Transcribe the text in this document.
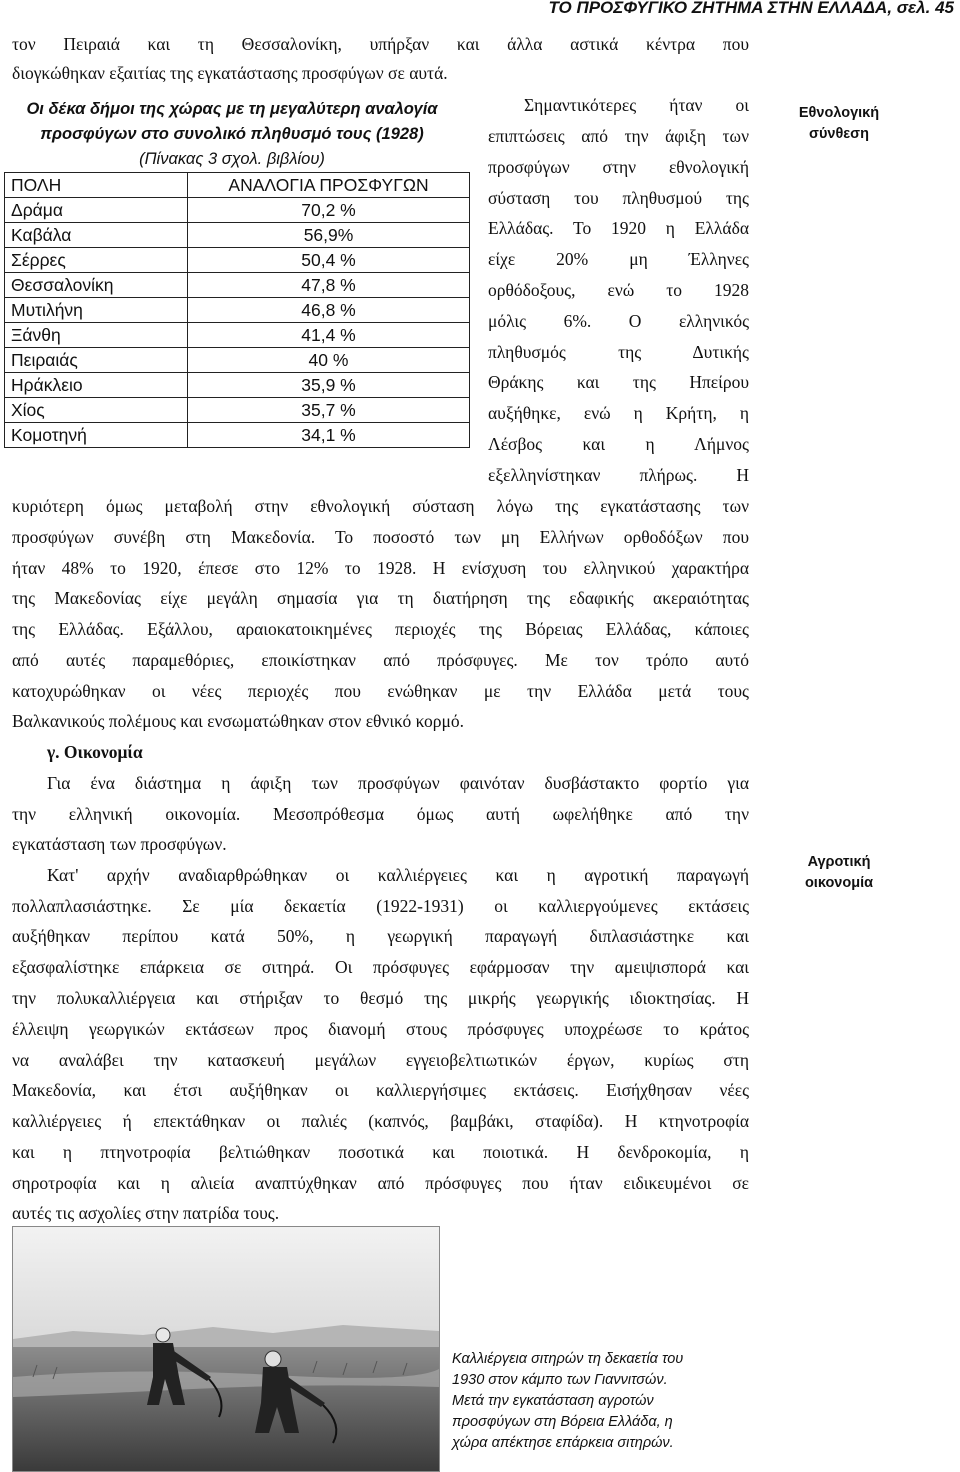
ΤΟ ΠΡΟΣΦΥΓΙΚΟ ΖΗΤΗΜΑ ΣΤΗΝ ΕΛΛΑΔΑ, σελ. 45
τον Πειραιά και τη Θεσσαλονίκη, υπήρξαν και άλλα αστικά κέντρα που
διογκώθηκαν εξαιτίας της εγκατάστασης προσφύγων σε αυτά.
Οι δέκα δήμοι της χώρας με τη μεγαλύτερη αναλογία
προσφύγων στο συνολικό πληθυσμό τους (1928)
(Πίνακας 3 σχολ. βιβλίου)
ΠΟΛΗ	ΑΝΑΛΟΓΙΑ ΠΡΟΣΦΥΓΩΝ
Δράμα	70,2 %
Καβάλα	56,9%
Σέρρες	50,4 %
Θεσσαλονίκη	47,8 %
Μυτιλήνη	46,8 %
Ξάνθη	41,4 %
Πειραιάς	40 %
Ηράκλειο	35,9 %
Χίος	35,7 %
Κομοτηνή	34,1 %
Σημαντικότερες ήταν οι
επιπτώσεις από την άφιξη των
προσφύγων στην εθνολογική
σύσταση του πληθυσμού της
Ελλάδας. Το 1920 η Ελλάδα
είχε 20% μη Έλληνες
ορθόδοξους, ενώ το 1928
μόλις 6%. Ο ελληνικός
πληθυσμός της Δυτικής
Θράκης και της Ηπείρου
αυξήθηκε, ενώ η Κρήτη, η
Λέσβος και η Λήμνος
εξελληνίστηκαν πλήρως. Η
Εθνολογική
σύνθεση
κυριότερη όμως μεταβολή στην εθνολογική σύσταση λόγω της εγκατάστασης των
προσφύγων συνέβη στη Μακεδονία. Το ποσοστό των μη Ελλήνων ορθοδόξων που
ήταν 48% το 1920, έπεσε στο 12% το 1928. Η ενίσχυση του ελληνικού χαρακτήρα
της Μακεδονίας είχε μεγάλη σημασία για τη διατήρηση της εδαφικής ακεραιότητας
της Ελλάδας. Εξάλλου, αραιοκατοικημένες περιοχές της Βόρειας Ελλάδας, κάποιες
από αυτές παραμεθόριες, εποικίστηκαν από πρόσφυγες. Με τον τρόπο αυτό
κατοχυρώθηκαν οι νέες περιοχές που ενώθηκαν με την Ελλάδα μετά τους
Βαλκανικούς πολέμους και ενσωματώθηκαν στον εθνικό κορμό.
γ. Οικονομία
Για ένα διάστημα η άφιξη των προσφύγων φαινόταν δυσβάστακτο φορτίο για
την ελληνική οικονομία. Μεσοπρόθεσμα όμως αυτή ωφελήθηκε από την
εγκατάσταση των προσφύγων.
Αγροτική
οικονομία
Κατ' αρχήν αναδιαρθρώθηκαν οι καλλιέργειες και η αγροτική παραγωγή
πολλαπλασιάστηκε. Σε μία δεκαετία (1922-1931) οι καλλιεργούμενες εκτάσεις
αυξήθηκαν περίπου κατά 50%, η γεωργική παραγωγή διπλασιάστηκε και
εξασφαλίστηκε επάρκεια σε σιτηρά. Οι πρόσφυγες εφάρμοσαν την αμειψισπορά και
την πολυκαλλιέργεια και στήριξαν το θεσμό της μικρής γεωργικής ιδιοκτησίας. Η
έλλειψη γεωργικών εκτάσεων προς διανομή στους πρόσφυγες υποχρέωσε το κράτος
να αναλάβει την κατασκευή μεγάλων εγγειοβελτιωτικών έργων, κυρίως στη
Μακεδονία, και έτσι αυξήθηκαν οι καλλιεργήσιμες εκτάσεις. Εισήχθησαν νέες
καλλιέργειες ή επεκτάθηκαν οι παλιές (καπνός, βαμβάκι, σταφίδα). Η κτηνοτροφία
και η πτηνοτροφία βελτιώθηκαν ποσοτικά και ποιοτικά. Η δενδροκομία, η
σηροτροφία και η αλιεία αναπτύχθηκαν από πρόσφυγες που ήταν ειδικευμένοι σε
αυτές τις ασχολίες στην πατρίδα τους.
Καλλιέργεια σιτηρών τη δεκαετία του
1930 στον κάμπο των Γιαννιτσών.
Μετά την εγκατάσταση αγροτών
προσφύγων στη Βόρεια Ελλάδα, η
χώρα απέκτησε επάρκεια σιτηρών.
